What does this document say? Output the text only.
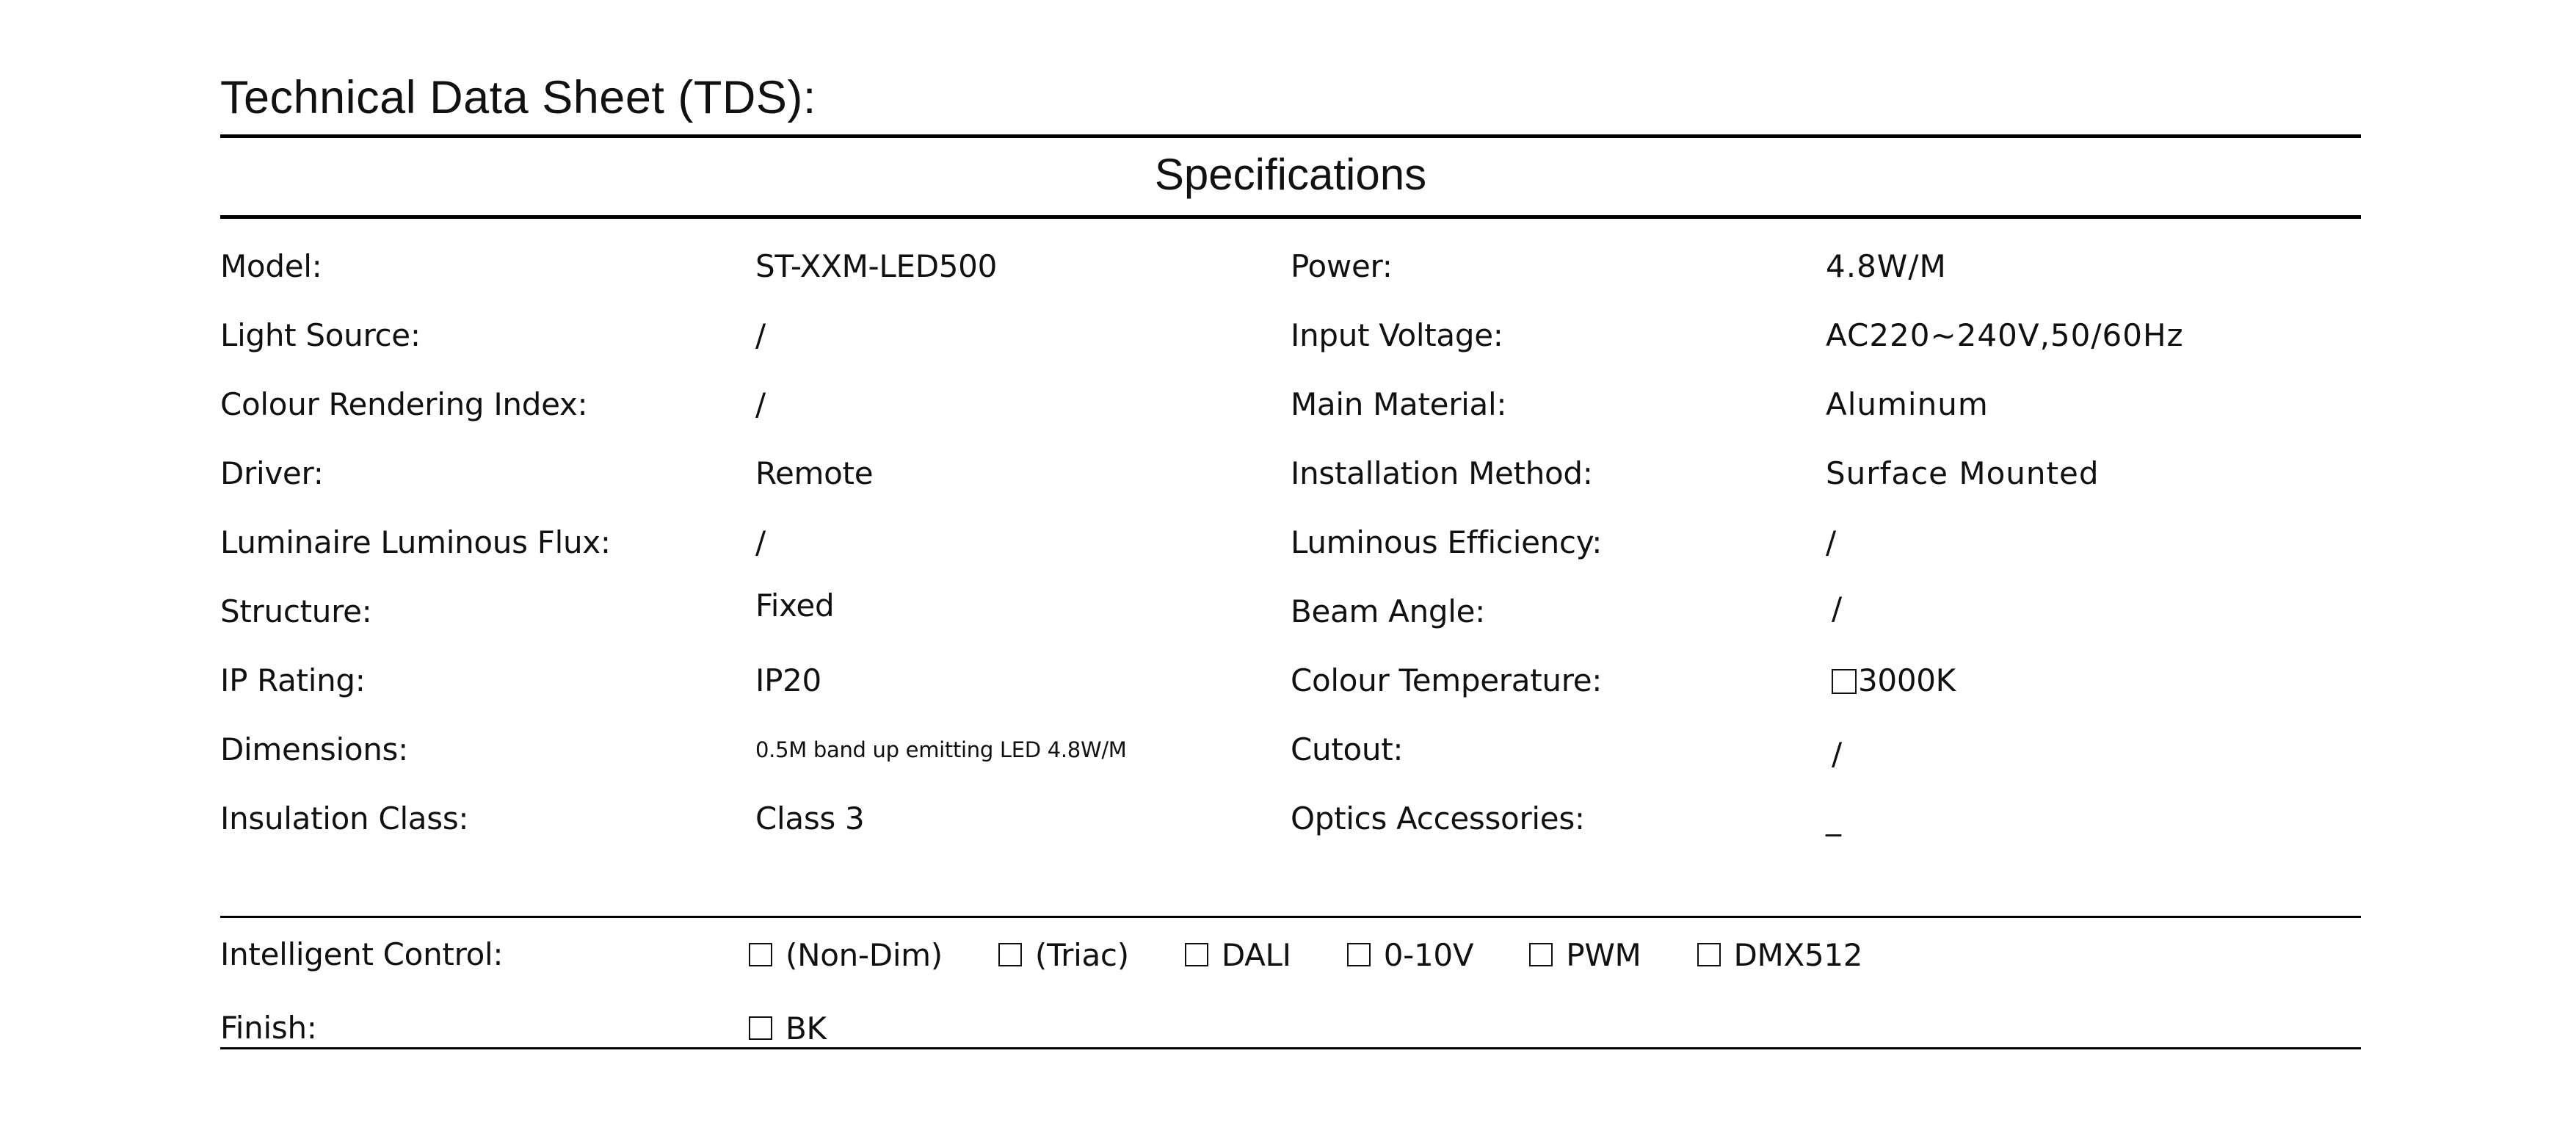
Technical Data Sheet (TDS):
Specifications
Model:	ST-XXM-LED500	Power:	4.8W/M
Light Source:	/	Input Voltage:	AC220~240V,50/60Hz
Colour Rendering Index:	/	Main Material:	Aluminum
Driver:	Remote	Installation Method:	Surface Mounted
Luminaire Luminous Flux:	/	Luminous Efficiency:	/
Structure:	Fixed	Beam Angle:	/
IP Rating:	IP20	Colour Temperature:	3000K
Dimensions:	0.5M band up emitting LED 4.8W/M	Cutout:	/
Insulation Class:	Class 3	Optics Accessories:	_
Intelligent Control:	(Non-Dim)	(Triac)	DALI	0-10V	PWM	DMX512
Finish:	BK
